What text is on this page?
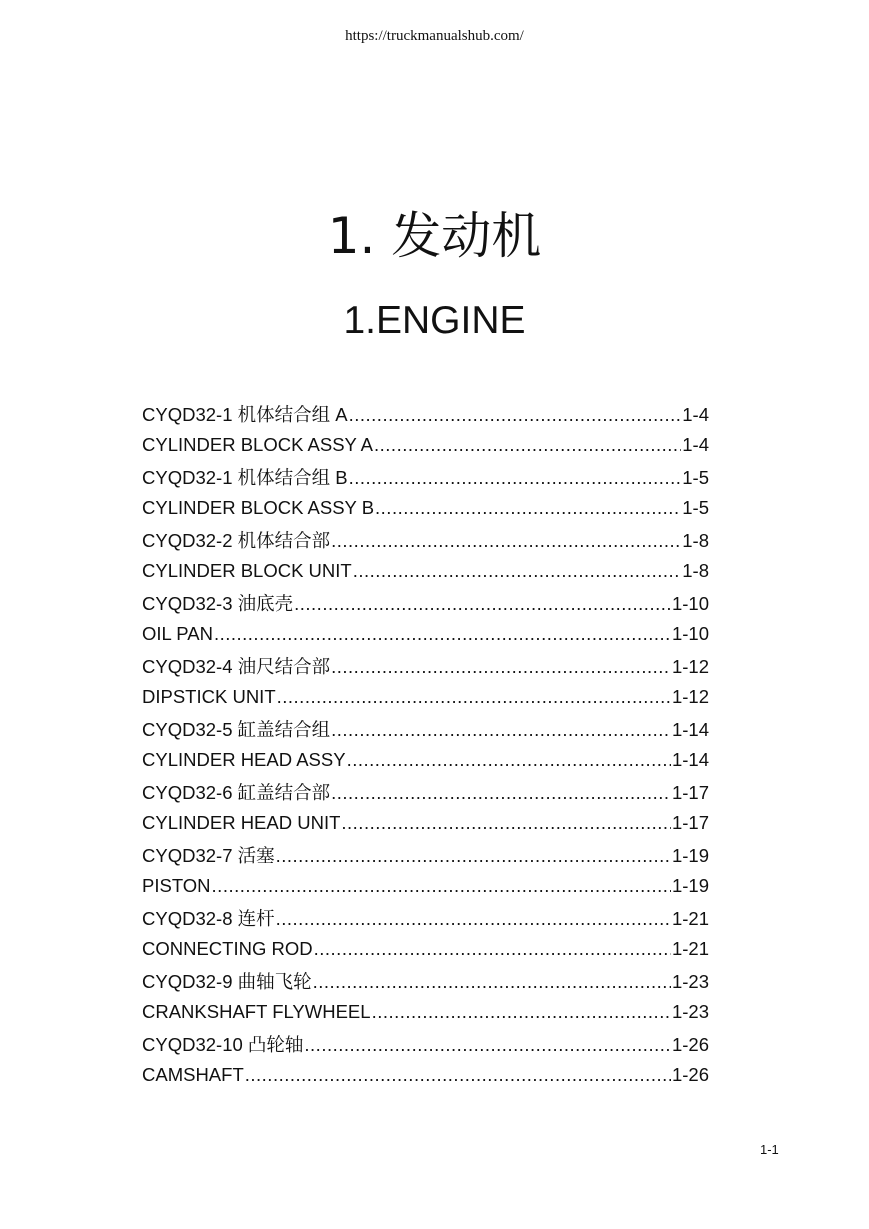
https://truckmanualshub.com/
1. 发动机
1.ENGINE
CYQD32-1 机体结合组 A .....	1-4
CYLINDER BLOCK ASSY A .....	1-4
CYQD32-1 机体结合组 B .....	1-5
CYLINDER BLOCK ASSY B .....	1-5
CYQD32-2 机体结合部 .....	1-8
CYLINDER BLOCK UNIT .....	1-8
CYQD32-3 油底壳 .....	1-10
OIL PAN .....	1-10
CYQD32-4 油尺结合部 .....	1-12
DIPSTICK UNIT .....	1-12
CYQD32-5 缸盖结合组 .....	1-14
CYLINDER HEAD ASSY .....	1-14
CYQD32-6 缸盖结合部 .....	1-17
CYLINDER HEAD UNIT .....	1-17
CYQD32-7 活塞 .....	1-19
PISTON .....	1-19
CYQD32-8 连杆 .....	1-21
CONNECTING ROD .....	1-21
CYQD32-9 曲轴飞轮 .....	1-23
CRANKSHAFT FLYWHEEL .....	1-23
CYQD32-10 凸轮轴 .....	1-26
CAMSHAFT .....	1-26
1-1
